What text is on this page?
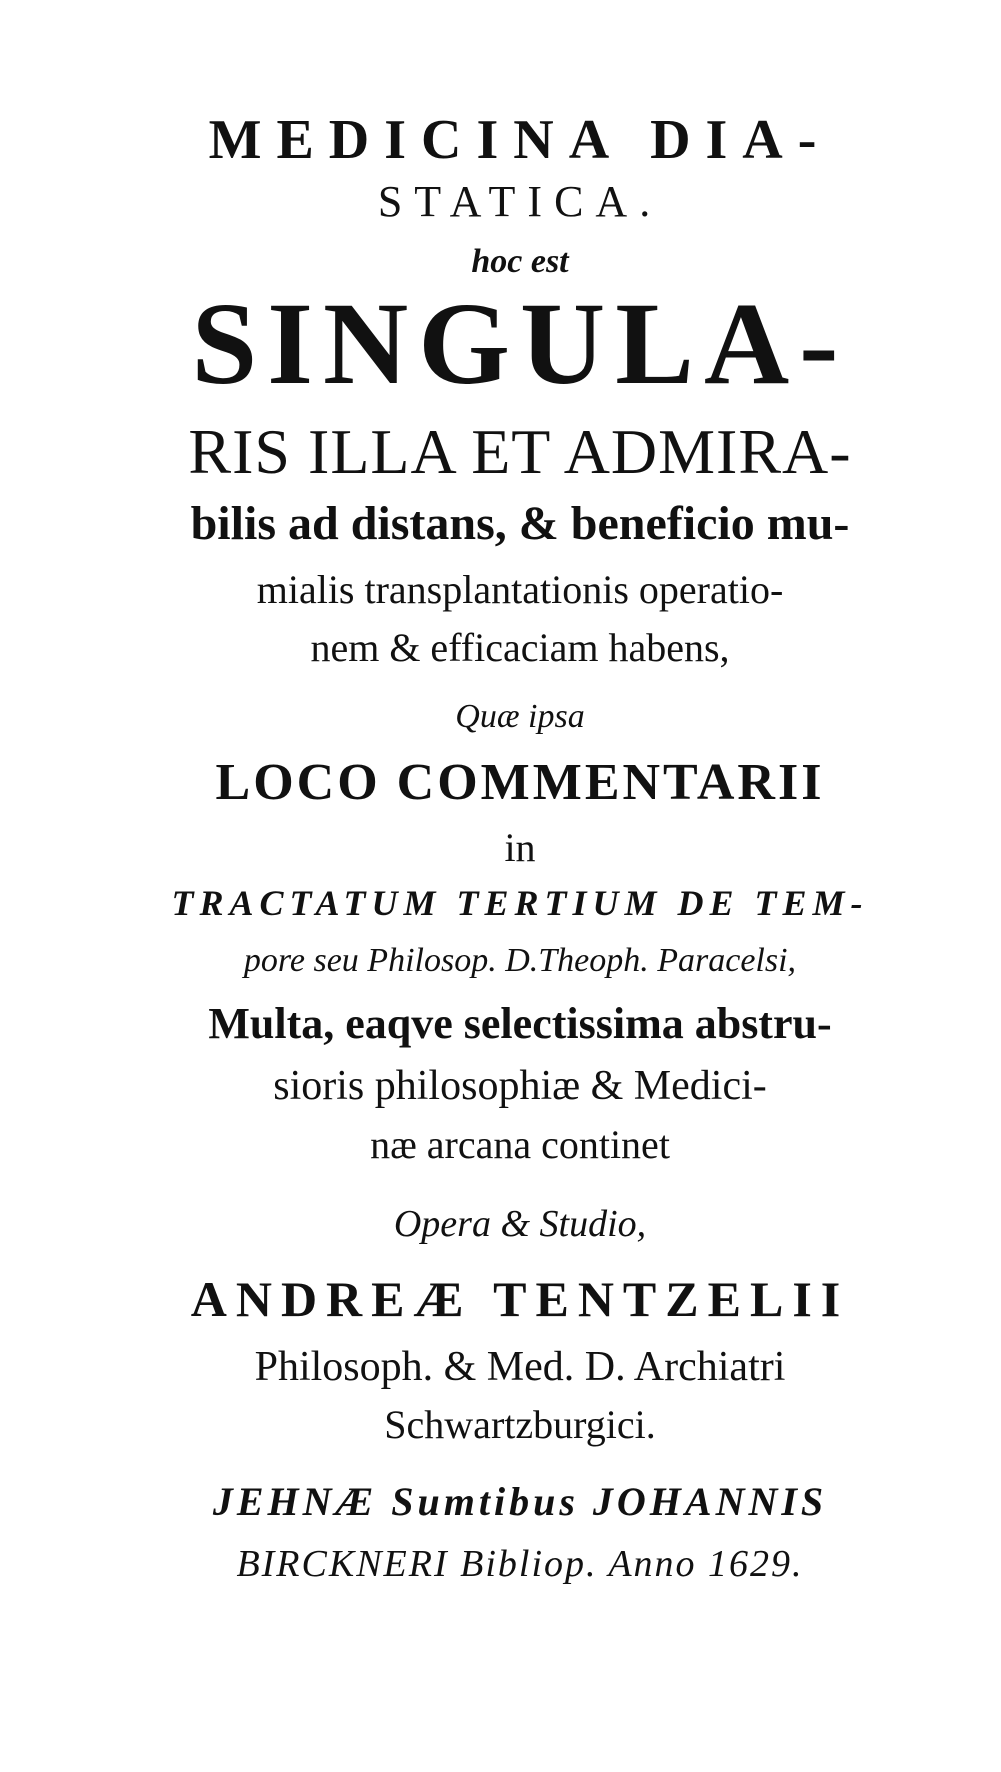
MEDICINA DIA-
STATICA.
hoc est
SINGULA-
RIS ILLA ET ADMIRA-
bilis ad distans, & beneficio mu-
mialis transplantationis operatio-
nem & efficaciam habens,
Quæ ipsa
LOCO COMMENTARII
in
TRACTATUM TERTIUM DE TEM-
pore seu Philosop. D.Theoph. Paracelsi,
Multa, eaqve selectissima abstru-
sioris philosophiæ & Medici-
næ arcana continet
Opera & Studio,
ANDREÆ TENTZELII
Philosoph. & Med. D. Archiatri
Schwartzburgici.
JEHNÆ Sumtibus JOHANNIS
BIRCKNERI Bibliop. Anno 1629.
